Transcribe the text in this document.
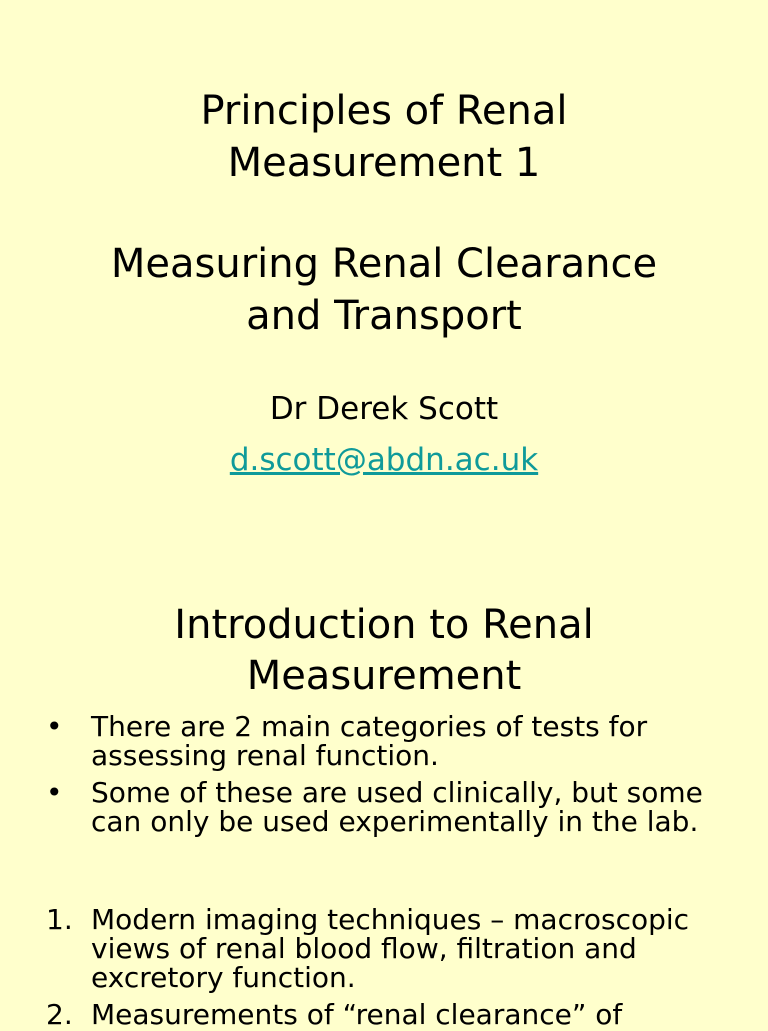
Principles of Renal
Measurement 1
Measuring Renal Clearance
and Transport
Dr Derek Scott
d.scott@abdn.ac.uk
Introduction to Renal
Measurement
• There are 2 main categories of tests for assessing renal function.
• Some of these are used clinically, but some can only be used experimentally in the lab.
1. Modern imaging techniques – macroscopic views of renal blood flow, filtration and excretory function.
2. Measurements of “renal clearance” of
